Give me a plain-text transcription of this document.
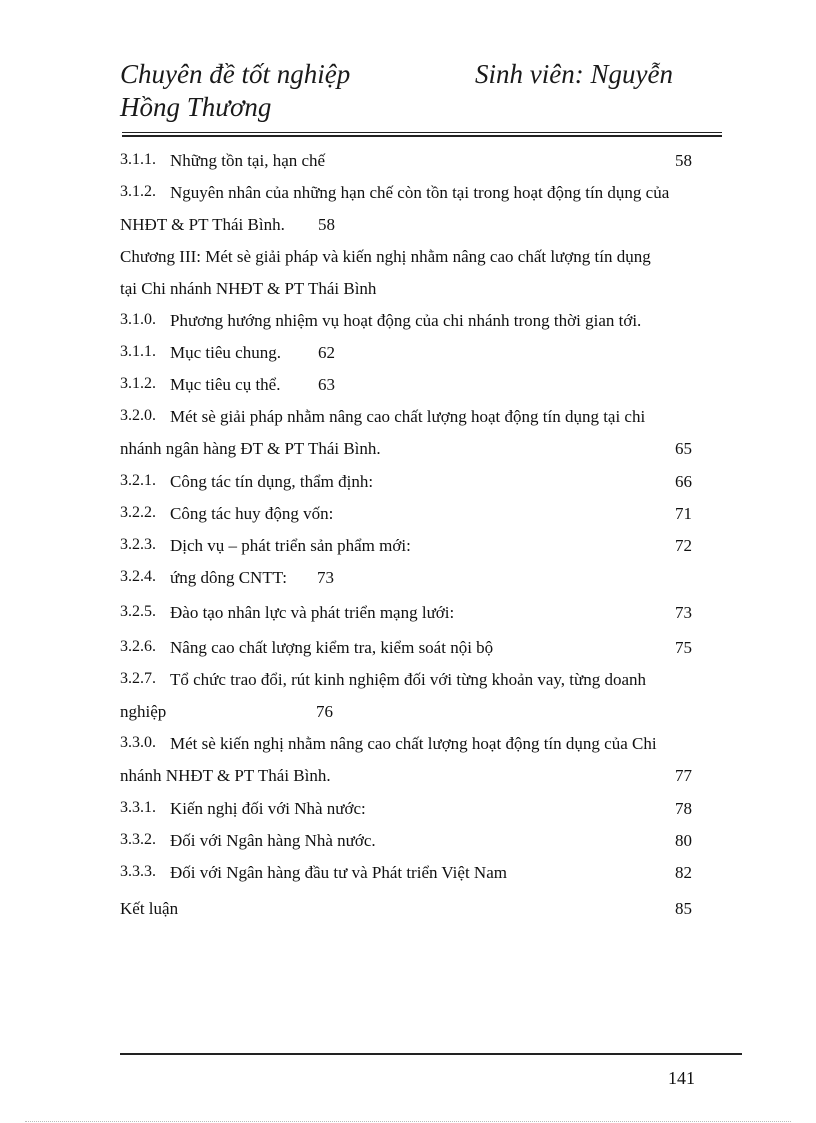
Chuyên đề tốt nghiệp	Sinh viên: Nguyễn
Hồng Thương
3.1.1. Những tồn tại, hạn chế	58
3.1.2. Nguyên nhân của những hạn chế còn tồn tại trong hoạt động tín dụng của
NHĐT & PT Thái Bình. 58
Chương III: Mét sè giải pháp và kiến nghị nhằm nâng cao chất lượng tín dụng
tại Chi nhánh NHĐT & PT Thái Bình
3.1.0. Phương hướng nhiệm vụ hoạt động của chi nhánh trong thời gian tới.
3.1.1. Mục tiêu chung. 62
3.1.2. Mục tiêu cụ thể. 63
3.2.0. Mét sè giải pháp nhằm nâng cao chất lượng hoạt động tín dụng tại chi
nhánh ngân hàng ĐT & PT Thái Bình.	65
3.2.1. Công tác tín dụng, thẩm định:	66
3.2.2. Công tác huy động vốn:	71
3.2.3. Dịch vụ – phát triển sản phẩm mới:	72
3.2.4. ứng dông CNTT: 73
3.2.5. Đào tạo nhân lực và phát triển mạng lưới:	73
3.2.6. Nâng cao chất lượng kiểm tra, kiểm soát nội bộ	75
3.2.7. Tổ chức trao đổi, rút kinh nghiệm đối với từng khoản vay, từng doanh
nghiệp	76
3.3.0. Mét sè kiến nghị nhằm nâng cao chất lượng hoạt động tín dụng của Chi
nhánh NHĐT & PT Thái Bình.	77
3.3.1. Kiến nghị đối với Nhà nước:	78
3.3.2. Đối với Ngân hàng Nhà nước.	80
3.3.3. Đối với Ngân hàng đầu tư và Phát triển Việt Nam	82
Kết luận	85
141
